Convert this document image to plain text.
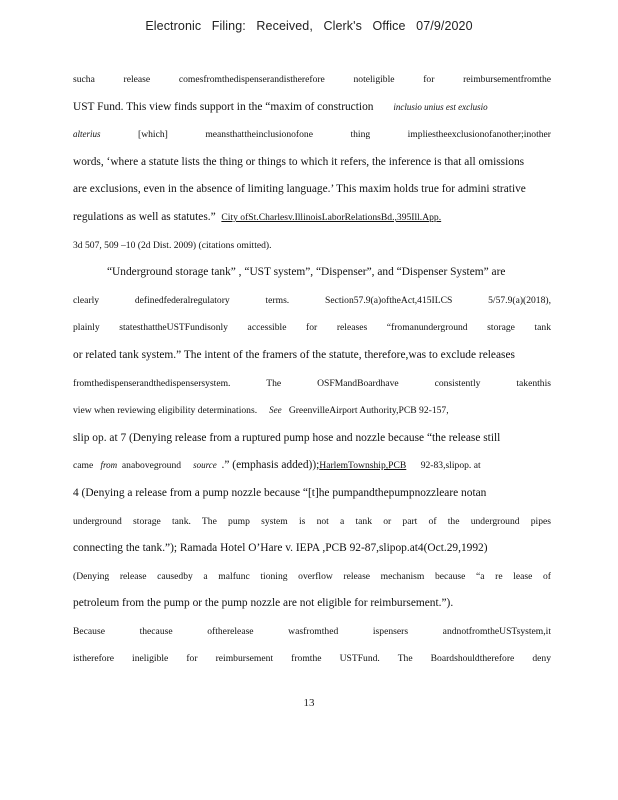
Electronic Filing: Received, Clerk's Office 07/9/2020
sucha release comesfromthedispenserandistherefore noteligible for reimbursementfromthe
UST Fund. This view finds support in the “maxim of construction inclusio unius est exclusio
alterius	[which] meansthattheinclusionofone thing impliestheexclusionofanother;inother
words, ‘where a statute lists the thing or things to which it refers, the inference is that all omissions
are exclusions, even in the absence of limiting language.’ This maxim holds true for admini strative
regulations as well as statutes.” City ofSt.Charlesv.IllinoisLaborRelationsBd.,395Ill.App.
3d 507, 509 –10 (2d Dist. 2009) (citations omitted).
“Underground storage tank” , “UST system”, “Dispenser”, and “Dispenser System” are
clearly definedfederalregulatory terms. Section57.9(a)oftheAct,415ILCS 5/57.9(a)(2018),
plainly statesthattheUSTFundisonly accessible for releases “fromanunderground storage tank
or related tank system.” The intent of the framers of the statute, therefore,was to exclude releases
fromthedispenserandthedispensersystem. The OSFMandBoardhave consistently takenthis
view when reviewing eligibility determinations. See GreenvilleAirport Authority,PCB 92-157,
slip op. at 7 (Denying release from a ruptured pump hose and nozzle because “the release still
came from anaboveground source .” (emphasis added));HarlemTownship,PCB 92-83,slipop. at
4 (Denying a release from a pump nozzle because “[t]he pumpandthepumpnozzleare notan
underground storage tank. The pump system is not a tank or part of the underground pipes
connecting the tank.”); Ramada Hotel O’Hare v. IEPA ,PCB 92-87,slipop.at4(Oct.29,1992)
(Denying release causedby a malfunc tioning overflow release mechanism because “a re lease of
petroleum from the pump or the pump nozzle are not eligible for reimbursement.”).
Because thecause oftherelease wasfromthed ispensers andnotfromtheUSTsystem,it
istherefore ineligible for reimbursement fromthe USTFund. The Boardshouldtherefore deny
13
